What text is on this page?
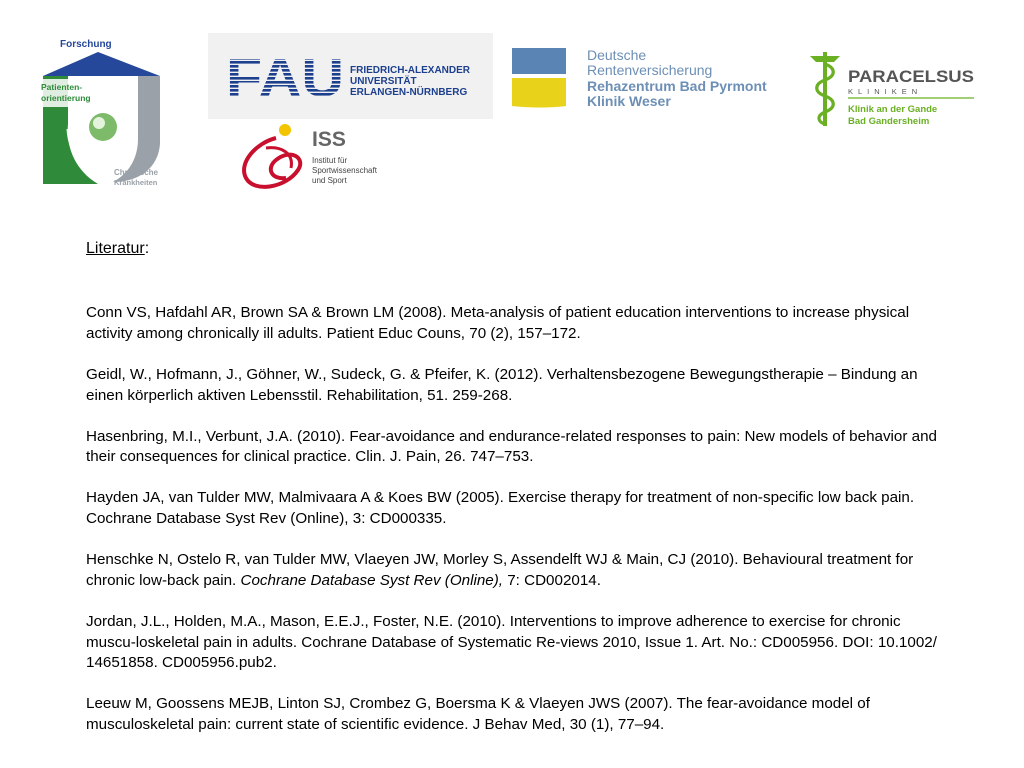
Forschung
Patienten-
orientierung
Chronische
Krankheiten
FAU FRIEDRICH-ALEXANDER
UNIVERSITÄT
ERLANGEN-NÜRNBERG
Deutsche
Rentenversicherung
Rehazentrum Bad Pyrmont
Klinik Weser
ISS
Institut für
Sportwissenschaft
und Sport
PARACELSUS
KLINIKEN
Klinik an der Gande
Bad Gandersheim
Literatur:

Conn VS, Hafdahl AR, Brown SA & Brown LM (2008). Meta-analysis of patient education interventions to increase physical activity among chronically ill adults. Patient Educ Couns, 70 (2), 157–172.

Geidl, W., Hofmann, J., Göhner, W., Sudeck, G. & Pfeifer, K. (2012). Verhaltensbezogene Bewegungstherapie – Bindung an einen körperlich aktiven Lebensstil. Rehabilitation, 51. 259-268.

Hasenbring, M.I., Verbunt, J.A. (2010). Fear-avoidance and endurance-related responses to pain: New models of behavior and their consequences for clinical practice. Clin. J. Pain, 26. 747–753.

Hayden JA, van Tulder MW, Malmivaara A & Koes BW (2005). Exercise therapy for treatment of non-specific low back pain. Cochrane Database Syst Rev (Online), 3: CD000335.

Henschke N, Ostelo R, van Tulder MW, Vlaeyen JW, Morley S, Assendelft WJ & Main, CJ (2010). Behavioural treatment for chronic low-back pain. Cochrane Database Syst Rev (Online), 7: CD002014.

Jordan, J.L., Holden, M.A., Mason, E.E.J., Foster, N.E. (2010). Interventions to improve adherence to exercise for chronic muscu-loskeletal pain in adults. Cochrane Database of Systematic Re-views 2010, Issue 1. Art. No.: CD005956. DOI: 10.1002/ 14651858. CD005956.pub2.

Leeuw M, Goossens MEJB, Linton SJ, Crombez G, Boersma K & Vlaeyen JWS (2007). The fear-avoidance model of musculoskeletal pain: current state of scientific evidence. J Behav Med, 30 (1), 77–94.
